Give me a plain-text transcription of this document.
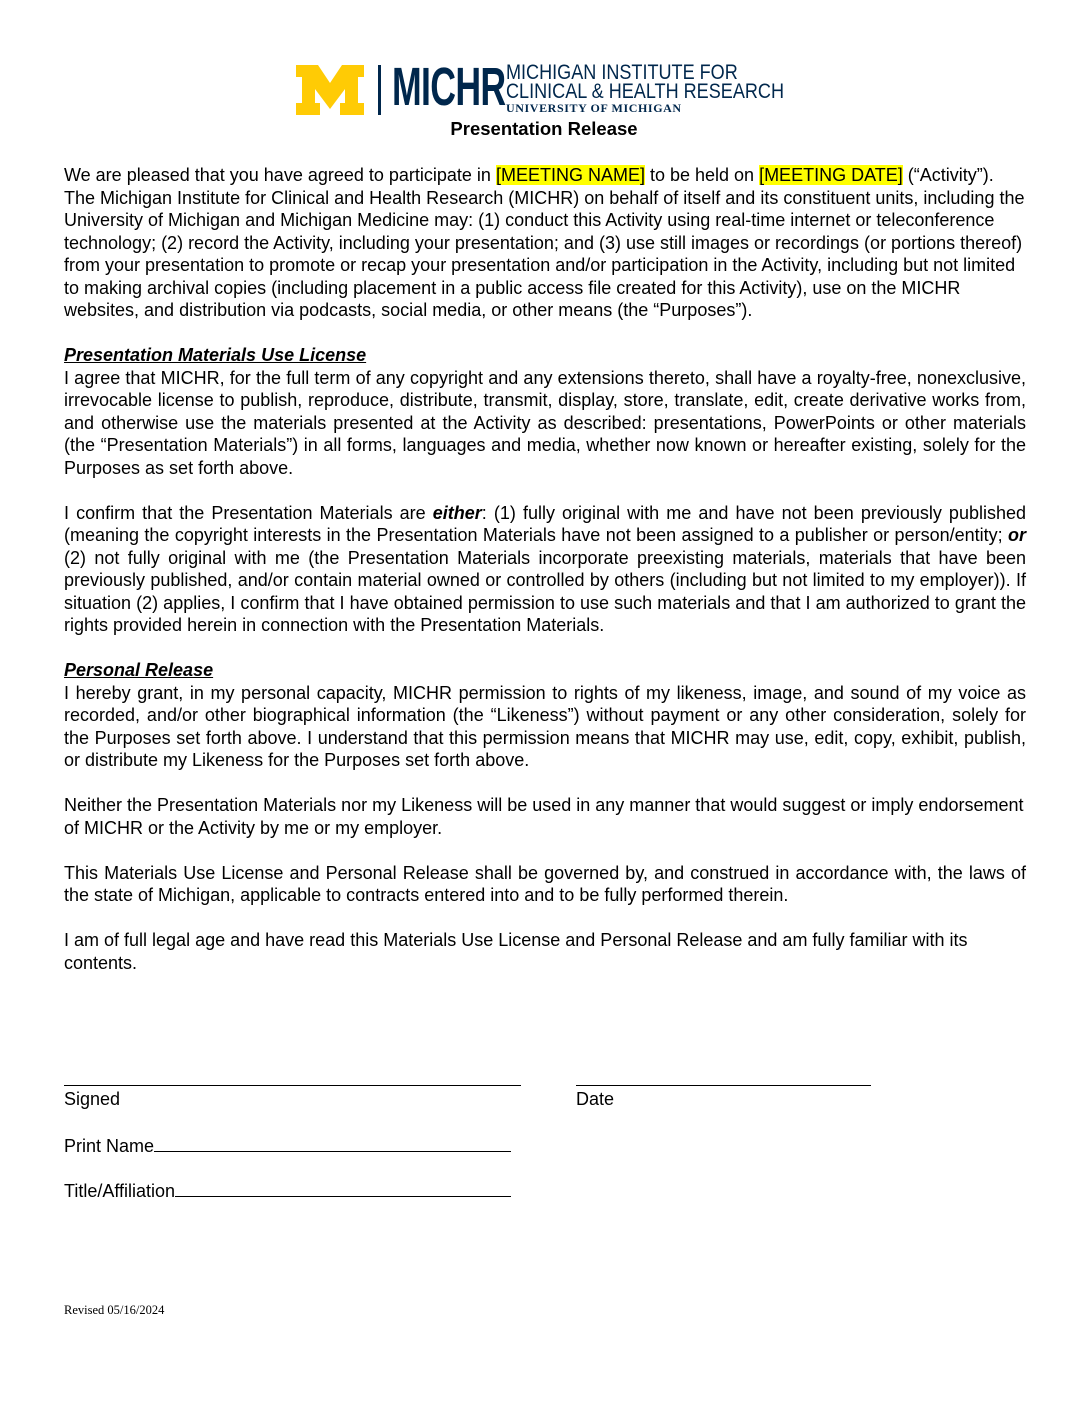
MICHR MICHIGAN INSTITUTE FOR
CLINICAL & HEALTH RESEARCH
UNIVERSITY OF MICHIGAN
Presentation Release

We are pleased that you have agreed to participate in [MEETING NAME] to be held on [MEETING DATE] (“Activity”). The Michigan Institute for Clinical and Health Research (MICHR) on behalf of itself and its constituent units, including the University of Michigan and Michigan Medicine may: (1) conduct this Activity using real-time internet or teleconference technology; (2) record the Activity, including your presentation; and (3) use still images or recordings (or portions thereof) from your presentation to promote or recap your presentation and/or participation in the Activity, including but not limited to making archival copies (including placement in a public access file created for this Activity), use on the MICHR websites, and distribution via podcasts, social media, or other means (the “Purposes”).

Presentation Materials Use License
I agree that MICHR, for the full term of any copyright and any extensions thereto, shall have a royalty-free, nonexclusive, irrevocable license to publish, reproduce, distribute, transmit, display, store, translate, edit, create derivative works from, and otherwise use the materials presented at the Activity as described: presentations, PowerPoints or other materials (the “Presentation Materials”) in all forms, languages and media, whether now known or hereafter existing, solely for the Purposes as set forth above.

I confirm that the Presentation Materials are either: (1) fully original with me and have not been previously published (meaning the copyright interests in the Presentation Materials have not been assigned to a publisher or person/entity; or (2) not fully original with me (the Presentation Materials incorporate preexisting materials, materials that have been previously published, and/or contain material owned or controlled by others (including but not limited to my employer)). If situation (2) applies, I confirm that I have obtained permission to use such materials and that I am authorized to grant the rights provided herein in connection with the Presentation Materials.

Personal Release
I hereby grant, in my personal capacity, MICHR permission to rights of my likeness, image, and sound of my voice as recorded, and/or other biographical information (the “Likeness”) without payment or any other consideration, solely for the Purposes set forth above. I understand that this permission means that MICHR may use, edit, copy, exhibit, publish, or distribute my Likeness for the Purposes set forth above.

Neither the Presentation Materials nor my Likeness will be used in any manner that would suggest or imply endorsement of MICHR or the Activity by me or my employer.

This Materials Use License and Personal Release shall be governed by, and construed in accordance with, the laws of the state of Michigan, applicable to contracts entered into and to be fully performed therein.

I am of full legal age and have read this Materials Use License and Personal Release and am fully familiar with its contents.

Signed	Date
Print Name
Title/Affiliation
Revised 05/16/2024
